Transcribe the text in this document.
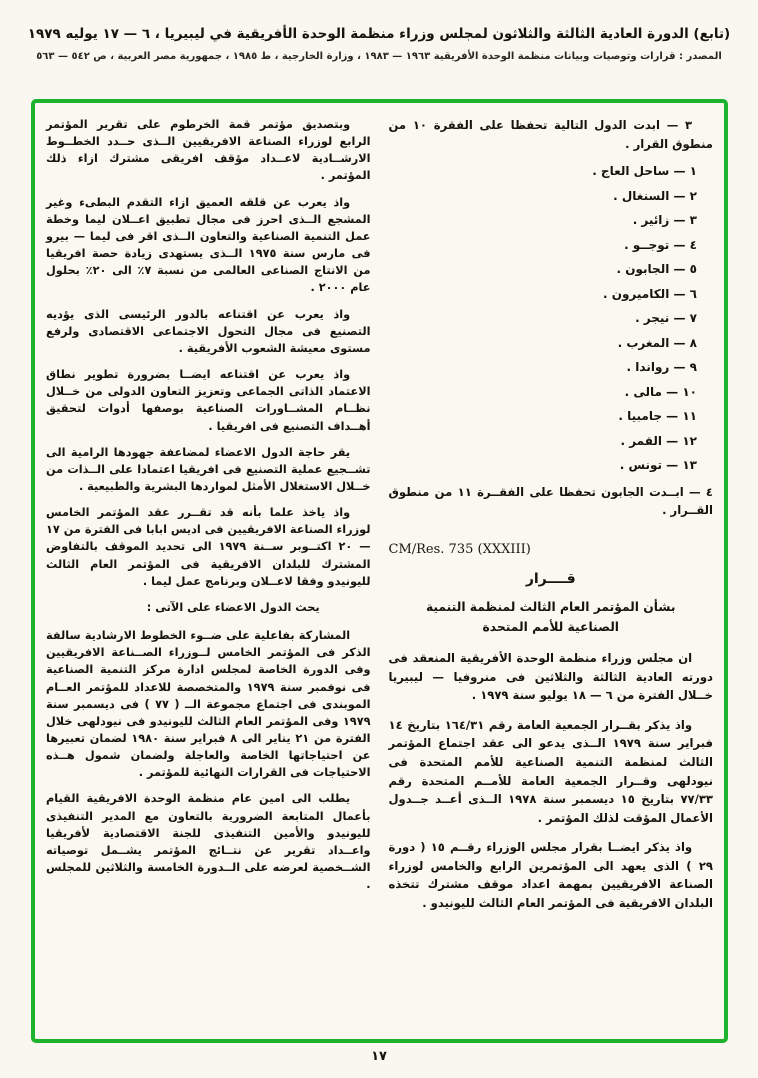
(تابع) الدورة العادية الثالثة والثلاثون لمجلس وزراء منظمة الوحدة الأفريقية في ليبيريا ، ٦ — ١٧ يوليه ١٩٧٩
المصدر : قرارات وتوصيات وبيانات منظمة الوحدة الأفريقية ١٩٦٣ — ١٩٨٣ ، وزارة الخارجية ، ط ١٩٨٥ ، جمهورية مصر العربية ، ص ٥٤٢ — ٥٦٣

٣ — ابدت الدول التالية تحفظا على الفقرة ١٠ من منطوق القرار .

١ — ساحل العاج .
٢ — السنغال .
٣ — زائير .
٤ — توجــو .
٥ — الجابون .
٦ — الكاميرون .
٧ — نيجر .
٨ — المغرب .
٩ — رواندا .
١٠ — مالى .
١١ — جامبيا .
١٢ — القمر .
١٣ — تونس .

٤ — ابــدت الجابون تحفظا على الفقــرة ١١ من منطوق القــرار .

CM/Res. 735 (XXXIII)
قــــرار
بشأن المؤتمر العام الثالث لمنظمة التنمية
الصناعية للأمم المتحدة

ان مجلس وزراء منظمة الوحدة الأفريقية المنعقد فى دورته العادية الثالثة والثلاثين فى منروفيا — ليبيريا خــلال الفترة من ٦ — ١٨ يوليو سنة ١٩٧٩ .

واذ يذكر بقــرار الجمعية العامة رقم ١٦٤/٣١ بتاريخ ١٤ فبراير سنة ١٩٧٩ الــذى يدعو الى عقد اجتماع المؤتمر الثالث لمنظمة التنمية الصناعية للأمم المتحدة فى نيودلهى وقــرار الجمعية العامة للأمــم المتحدة رقم ٧٧/٣٣ بتاريخ ١٥ ديسمبر سنة ١٩٧٨ الــذى أعــد جــدول الأعمال المؤقت لذلك المؤتمر .

واذ يذكر ايضــا بقرار مجلس الوزراء رقــم ١٥ ( دورة ٢٩ ) الذى يعهد الى المؤتمرين الرابع والخامس لوزراء الصناعة الافريقيين بمهمة اعداد موقف مشترك تتخذه البلدان الافريقية فى المؤتمر العام الثالث لليونيدو .

وبتصديق مؤتمر قمة الخرطوم على تقرير المؤتمر الرابع لوزراء الصناعة الافريقيين الــذى حــدد الخطــوط الارشــادية لاعــداد مؤقف افريقى مشترك ازاء ذلك المؤتمر .

واذ يعرب عن قلقه العميق ازاء التقدم البطىء وغير المشجع الــذى احرز فى مجال تطبيق اعــلان ليما وخطة عمل التنمية الصناعية والتعاون الــذى اقر فى ليما — بيرو فى مارس سنة ١٩٧٥ الــذى يستهدى زيادة حصة افريقيا من الانتاج الصناعى العالمى من نسبة ٧٪ الى ٢٠٪ بحلول عام ٢٠٠٠ .

واذ يعرب عن اقتناعه بالدور الرئيسى الذى يؤديه التصنيع فى مجال التحول الاجتماعى الاقتصادى ولرفع مستوى معيشة الشعوب الأفريقية .

واذ يعرب عن اقتناعه ايضــا بضرورة تطوير نطاق الاعتماد الذاتى الجماعى وتعزيز التعاون الدولى من خــلال نظــام المشــاورات الصناعية بوصفها أدوات لتحقيق أهــداف التصنيع فى افريقيا .

يقر حاجة الدول الاعضاء لمضاعفة جهودها الرامية الى تشــجيع عملية التصنيع فى افريقيا اعتمادا على الــذات من خــلال الاستغلال الأمثل لمواردها البشرية والطبيعية .

واذ ياخذ علما بأنه قد تقــرر عقد المؤتمر الخامس لوزراء الصناعة الافريقيين فى اديس ابابا فى الفترة من ١٧ — ٢٠ اكتــوبر ســنة ١٩٧٩ الى تحديد الموقف بالتفاوض المشترك للبلدان الافريقية فى المؤتمر العام الثالث لليونيدو وفقا لاعــلان وبرنامج عمل ليما .

يحث الدول الاعضاء على الآتى :

المشاركة بفاعلية على ضــوء الخطوط الارشادية سالفة الذكر فى المؤتمر الخامس لــوزراء الصــناعة الافريقيين وفى الدورة الخاصة لمجلس ادارة مركز التنمية الصناعية فى نوفمبر سنة ١٩٧٩ والمتخصصة للاعداد للمؤتمر العــام الموبندى فى اجتماع مجموعة الــ ( ٧٧ ) فى ديسمبر سنة ١٩٧٩ وفى المؤتمر العام الثالث لليونيدو فى نيودلهى خلال الفترة من ٢١ يناير الى ٨ فبراير سنة ١٩٨٠ لضمان تعبيرها عن احتياجاتها الخاصة والعاجلة ولضمان شمول هــذه الاحتياجات فى القرارات النهائية للمؤتمر .

يطلب الى امين عام منظمة الوحدة الافريقية القيام بأعمال المتابعة الضرورية بالتعاون مع المدير التنفيذى لليونيدو والأمين التنفيذى للجنة الاقتصادية لأفريقيا واعــداد تقرير عن نتــائج المؤتمر يشــمل توصياته الشــخصية لعرضه على الــدورة الخامسة والثلاثين للمجلس .

١٧
